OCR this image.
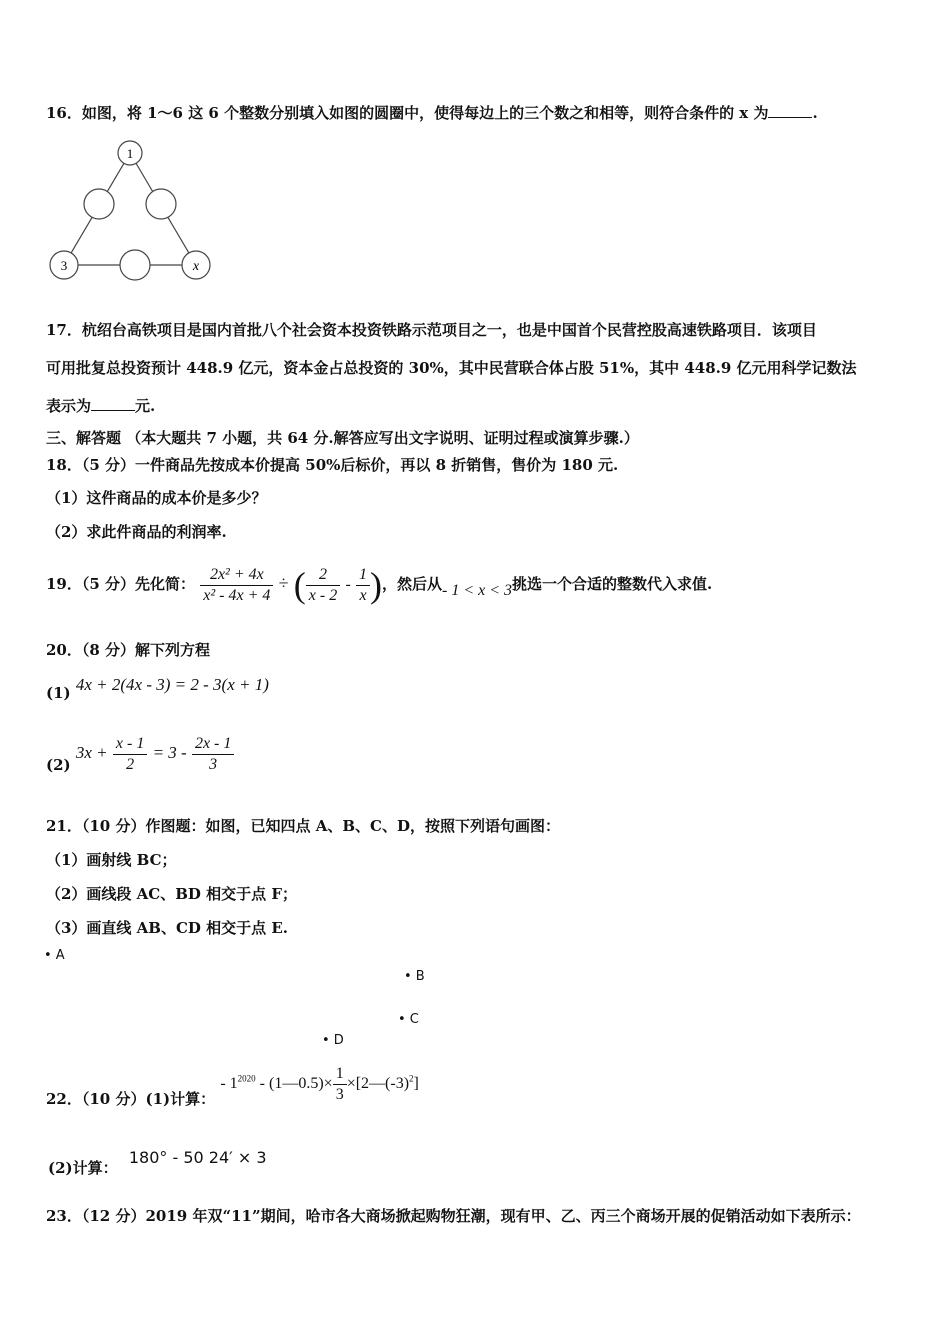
16．如图，将 1～6 这 6 个整数分别填入如图的圆圈中，使得每边上的三个数之和相等，则符合条件的 x 为	.
1
3	x
17．杭绍台高铁项目是国内首批八个社会资本投资铁路示范项目之一，也是中国首个民营控股高速铁路项目．该项目
可用批复总投资预计 448.9 亿元，资本金占总投资的 30%，其中民营联合体占股 51%，其中 448.9 亿元用科学记数法
表示为	元.
三、解答题 （本大题共 7 小题，共 64 分.解答应写出文字说明、证明过程或演算步骤.）
18．（5 分）一件商品先按成本价提高 50%后标价，再以 8 折销售，售价为 180 元.
（1）这件商品的成本价是多少？
（2）求此件商品的利润率.
19．（5 分）先化简： $\frac{\text{2x² + 4x}}{\text{x² - 4x + 4}}$ ÷ ( $\frac{2}{x - 2} - \frac{1}{x}$ )，然后从- 1 < x < 3挑选一个合适的整数代入求值.
20．（8 分）解下列方程
(1) 4x + 2(4x - 3) = 2 - 3(x + 1)
(2) $3x + \frac{x - 1}{2} = 3 - \frac{2x - 1}{3}$
21．（10 分）作图题：如图，已知四点 A、B、C、D，按照下列语句画图：
（1）画射线 BC；
（2）画线段 AC、BD 相交于点 F；
（3）画直线 AB、CD 相交于点 E.
• A
• B
• C
• D
22．（10 分）(1)计算： - $1^{2020}$ - (1—0.5)× $\frac{1}{3}$ $\times[2—(-3)^2]$
(2)计算： 180° - 50 24′ × 3
23．（12 分）2019 年双“11”期间，哈市各大商场掀起购物狂潮，现有甲、乙、丙三个商场开展的促销活动如下表所示：
